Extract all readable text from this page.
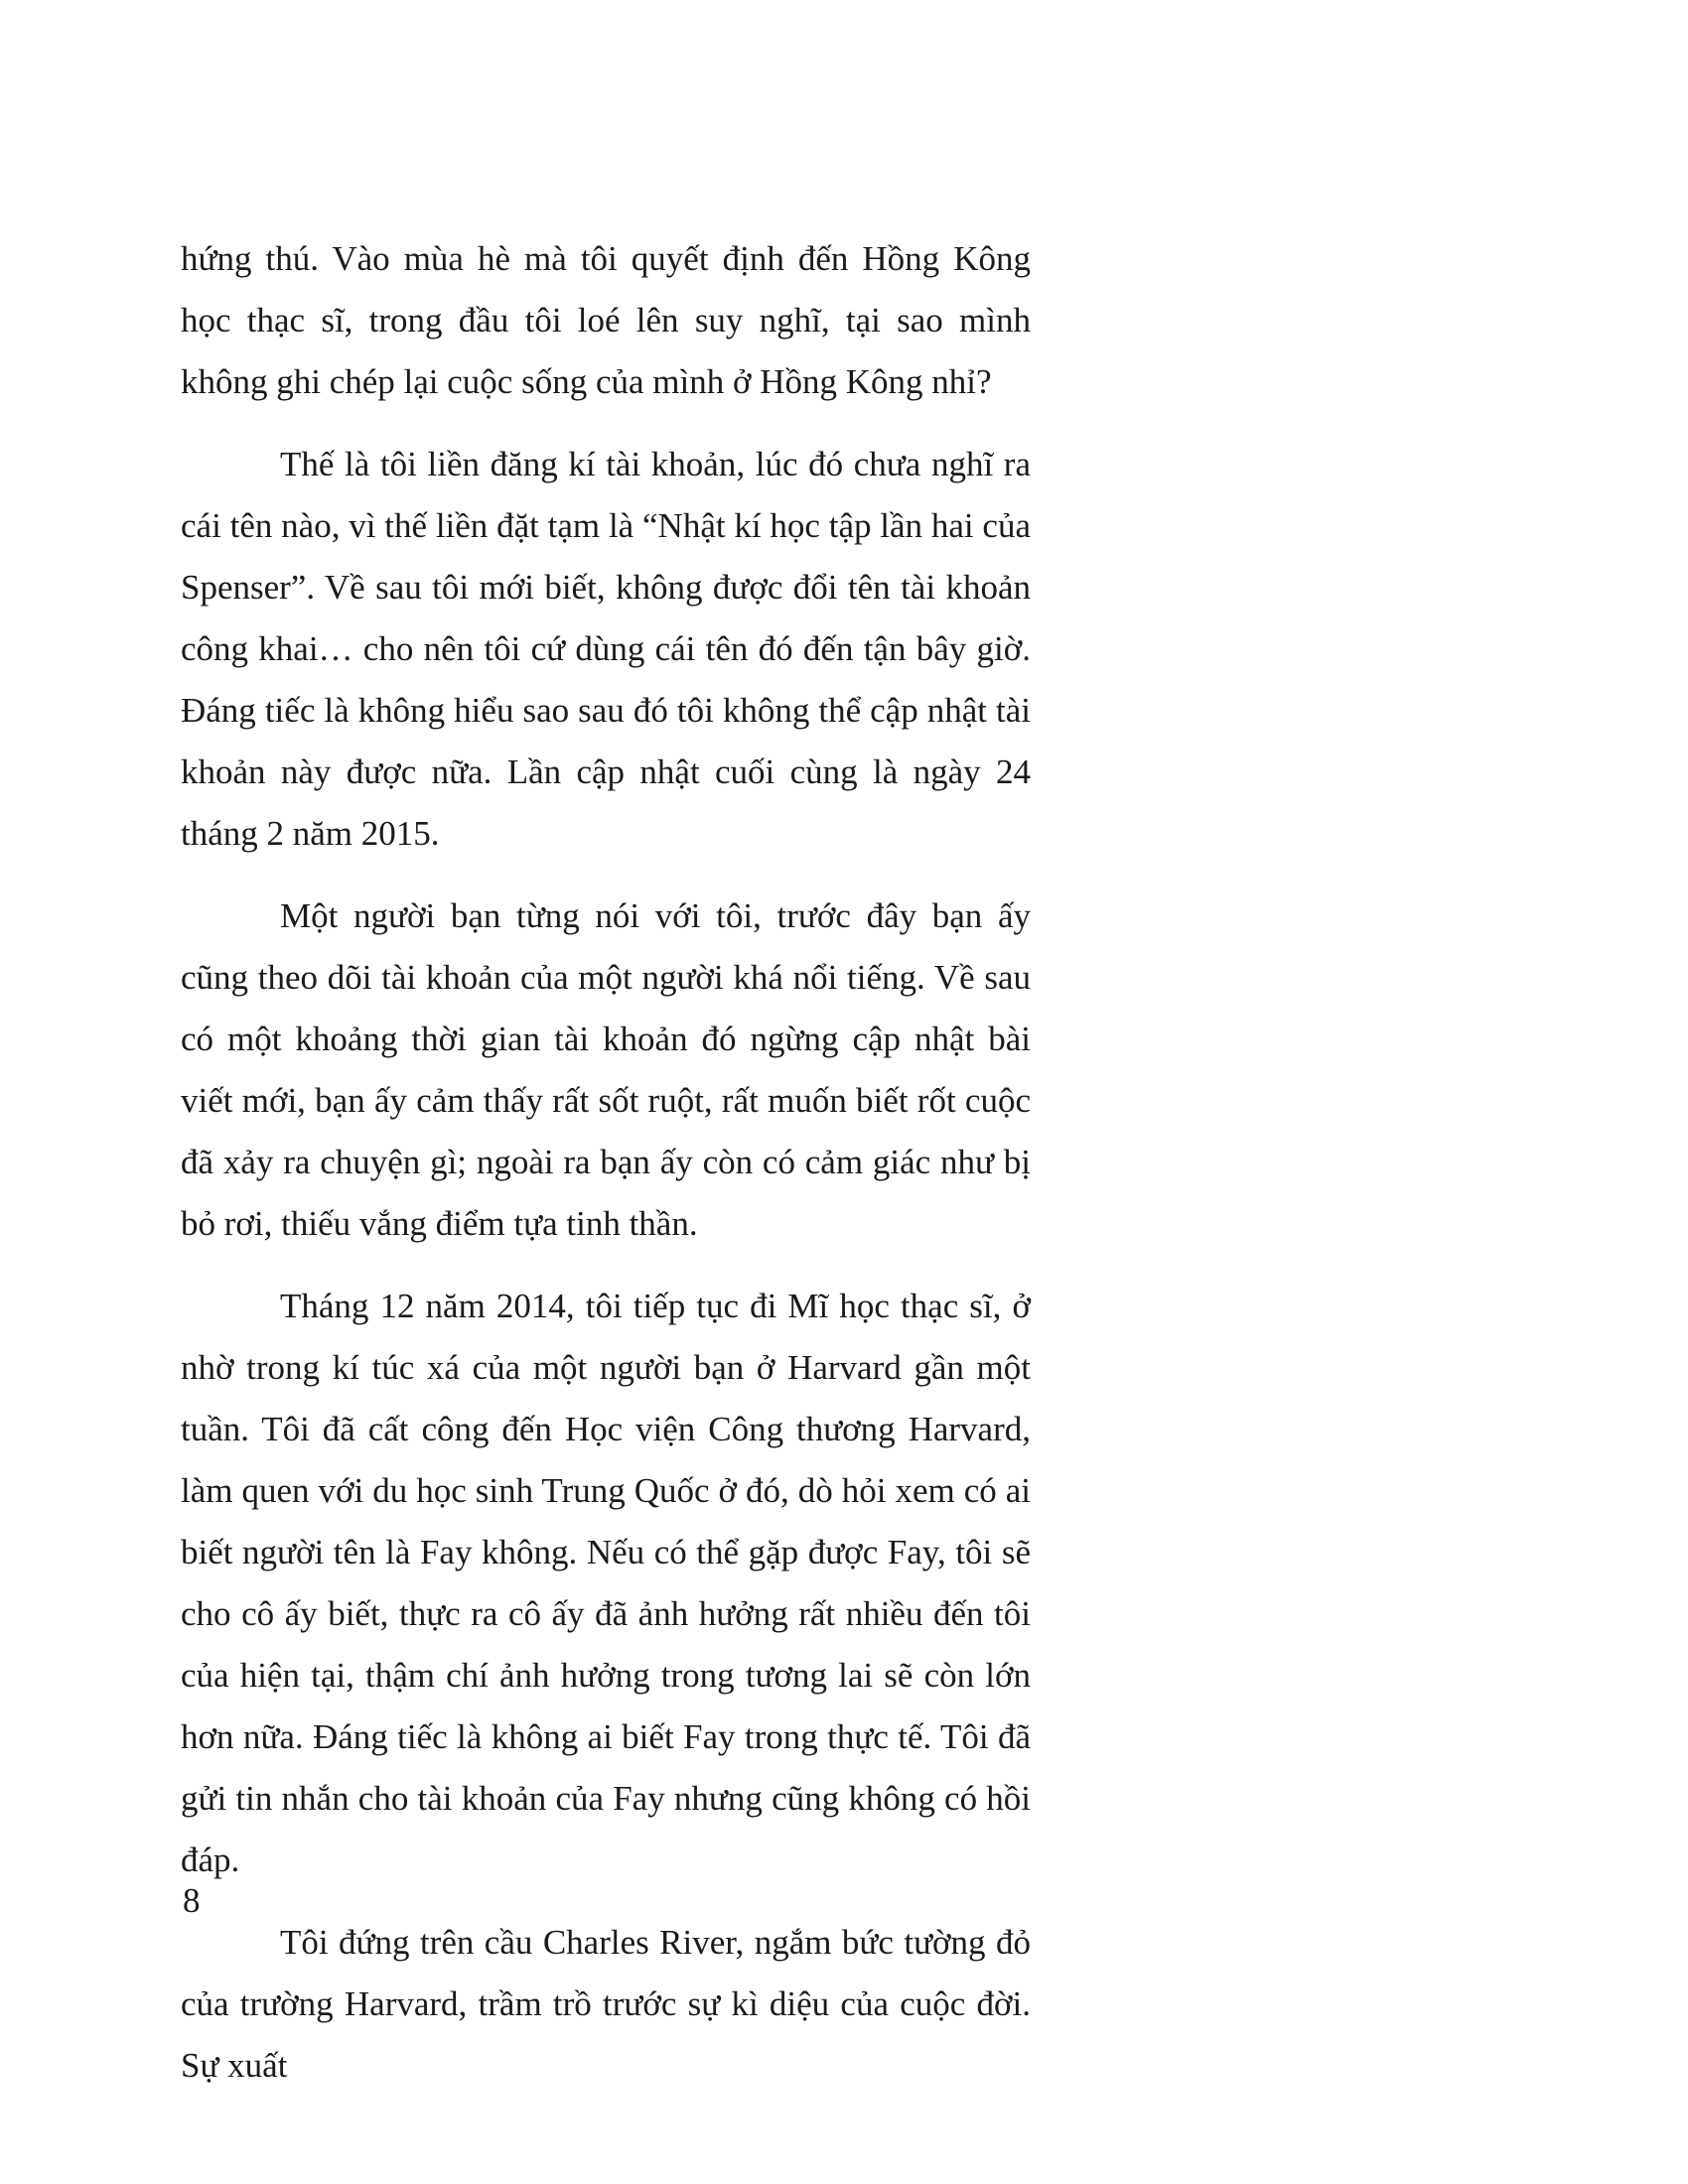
hứng thú. Vào mùa hè mà tôi quyết định đến Hồng Kông học thạc sĩ, trong đầu tôi loé lên suy nghĩ, tại sao mình không ghi chép lại cuộc sống của mình ở Hồng Kông nhỉ?

Thế là tôi liền đăng kí tài khoản, lúc đó chưa nghĩ ra cái tên nào, vì thế liền đặt tạm là “Nhật kí học tập lần hai của Spenser”. Về sau tôi mới biết, không được đổi tên tài khoản công khai… cho nên tôi cứ dùng cái tên đó đến tận bây giờ. Đáng tiếc là không hiểu sao sau đó tôi không thể cập nhật tài khoản này được nữa. Lần cập nhật cuối cùng là ngày 24 tháng 2 năm 2015.

Một người bạn từng nói với tôi, trước đây bạn ấy cũng theo dõi tài khoản của một người khá nổi tiếng. Về sau có một khoảng thời gian tài khoản đó ngừng cập nhật bài viết mới, bạn ấy cảm thấy rất sốt ruột, rất muốn biết rốt cuộc đã xảy ra chuyện gì; ngoài ra bạn ấy còn có cảm giác như bị bỏ rơi, thiếu vắng điểm tựa tinh thần.

Tháng 12 năm 2014, tôi tiếp tục đi Mĩ học thạc sĩ, ở nhờ trong kí túc xá của một người bạn ở Harvard gần một tuần. Tôi đã cất công đến Học viện Công thương Harvard, làm quen với du học sinh Trung Quốc ở đó, dò hỏi xem có ai biết người tên là Fay không. Nếu có thể gặp được Fay, tôi sẽ cho cô ấy biết, thực ra cô ấy đã ảnh hưởng rất nhiều đến tôi của hiện tại, thậm chí ảnh hưởng trong tương lai sẽ còn lớn hơn nữa. Đáng tiếc là không ai biết Fay trong thực tế. Tôi đã gửi tin nhắn cho tài khoản của Fay nhưng cũng không có hồi đáp.

Tôi đứng trên cầu Charles River, ngắm bức tường đỏ của trường Harvard, trầm trồ trước sự kì diệu của cuộc đời. Sự xuất

8
